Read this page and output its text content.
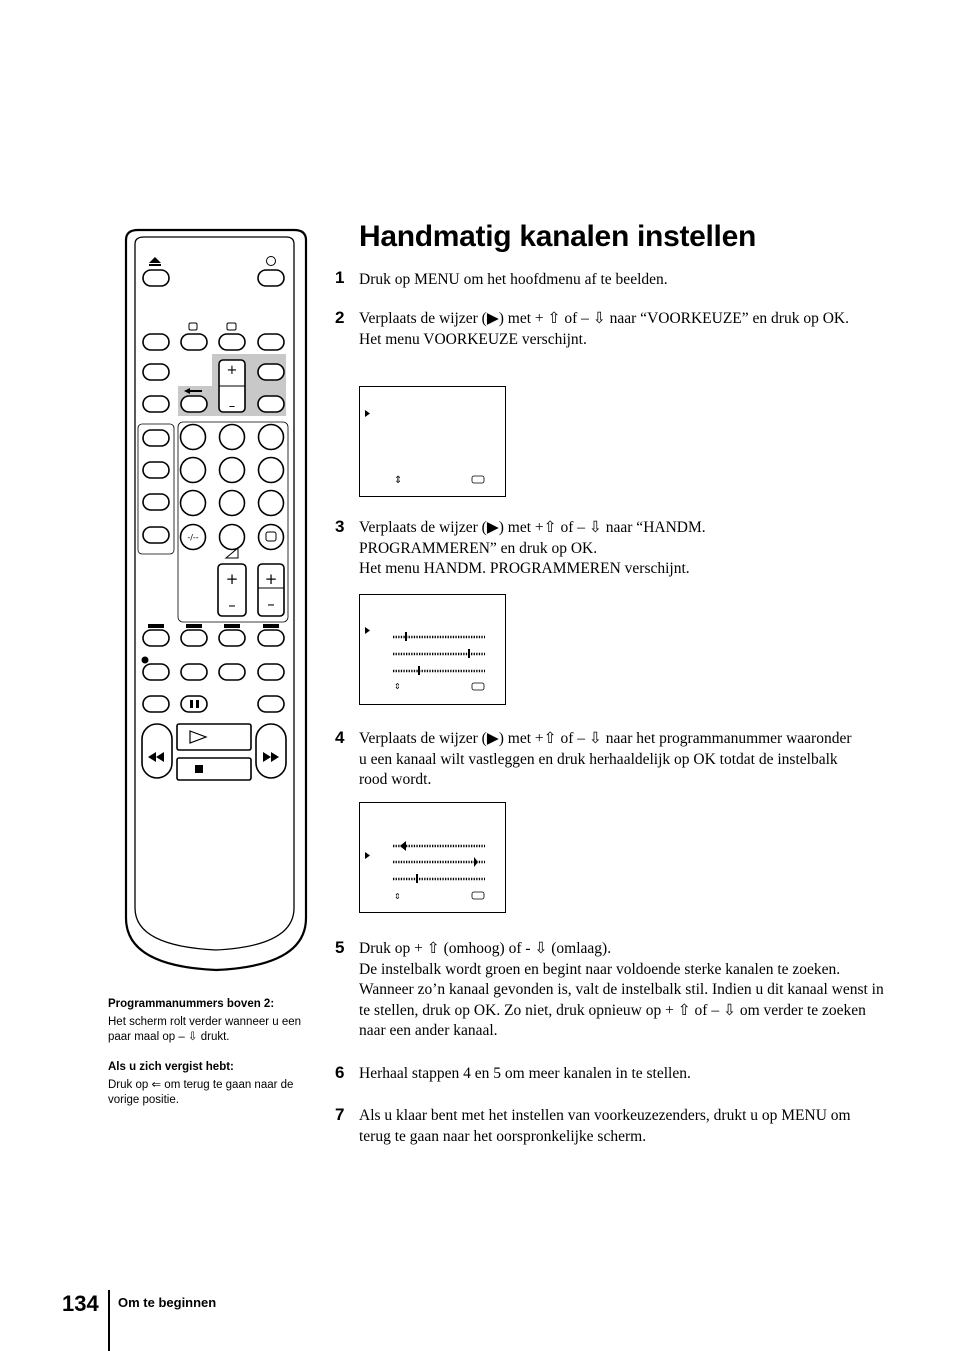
+
–
-/--
+
–
+
–
Handmatig kanalen instellen
1 Druk op MENU om het hoofdmenu af te beelden.

2 Verplaats de wijzer (▶) met + ⇧ of – ⇩ naar “VOORKEUZE” en druk op OK.

Het menu VOORKEUZE verschijnt.

⇕
3 Verplaats de wijzer (▶) met +⇧ of – ⇩ naar “HANDM. PROGRAMMEREN” en druk op OK.

Het menu HANDM. PROGRAMMEREN verschijnt.

⇕
4 Verplaats de wijzer (▶) met +⇧ of – ⇩ naar het programmanummer waaronder u een kanaal wilt vastleggen en druk herhaaldelijk op OK totdat de instelbalk rood wordt.

⇕
5 Druk op + ⇧ (omhoog) of - ⇩ (omlaag).

De instelbalk wordt groen en begint naar voldoende sterke kanalen te zoeken. Wanneer zo’n kanaal gevonden is, valt de instelbalk stil. Indien u dit kanaal wenst in te stellen, druk op OK. Zo niet, druk opnieuw op + ⇧ of – ⇩ om verder te zoeken naar een ander kanaal.

6 Herhaal stappen 4 en 5 om meer kanalen in te stellen.

7 Als u klaar bent met het instellen van voorkeuzezenders, drukt u op MENU om terug te gaan naar het oorspronkelijke scherm.

Programmanummers boven 2:
Het scherm rolt verder wanneer u een paar maal op – ⇩ drukt.
Als u zich vergist hebt:
Druk op ⇐ om terug te gaan naar de vorige positie.
134 Om te beginnen
